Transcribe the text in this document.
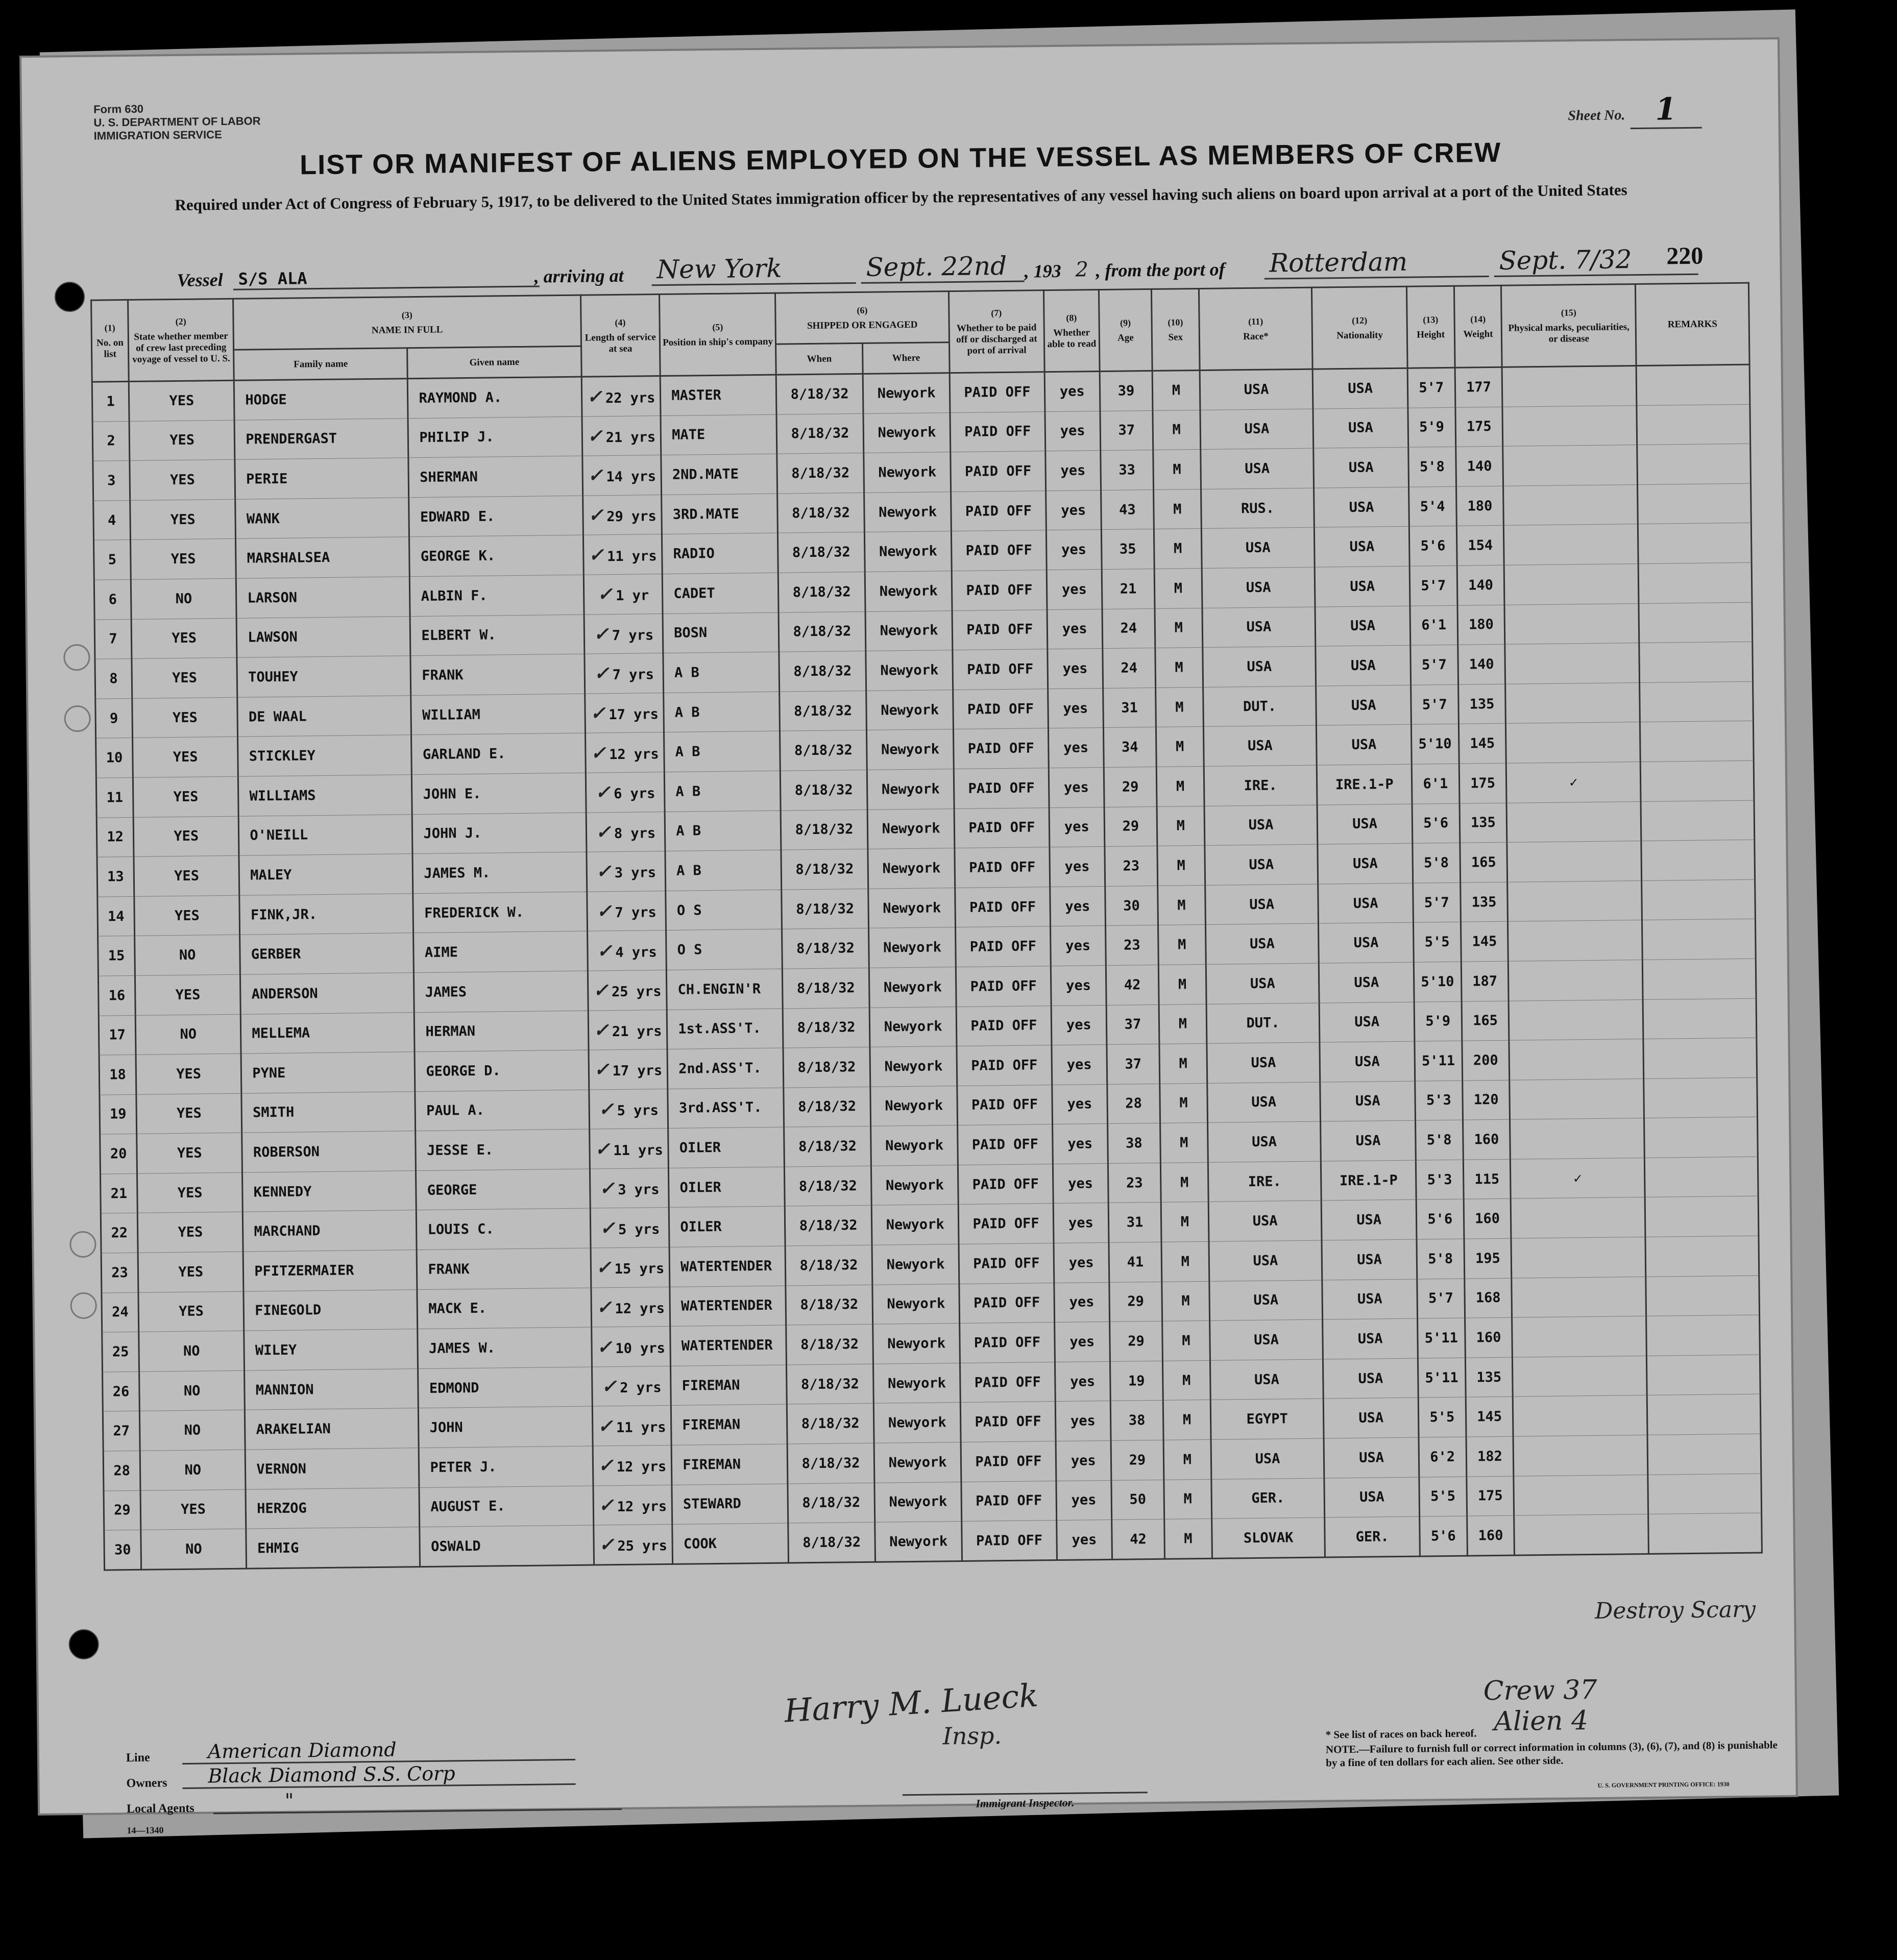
Form 630
U. S. DEPARTMENT OF LABOR
IMMIGRATION SERVICE
Sheet No. 1
LIST OR MANIFEST OF ALIENS EMPLOYED ON THE VESSEL AS MEMBERS OF CREW
Required under Act of Congress of February 5, 1917, to be delivered to the United States immigration officer by the representatives of any vessel having such aliens on board upon arrival at a port of the United States
Vessel S/S ALA	, arriving at New York	Sept. 22nd , 193 2 , from the port of Rotterdam	Sept. 7/32	220
(1)
No. on list	(2)
State whether member of crew last preceding voyage of vessel to U. S.	(3)
NAME IN FULL		(4)
Length of service at sea	(5)
Position in ship's company	(6)
SHIPPED OR ENGAGED		(7)
Whether to be paid off or discharged at port of arrival	(8)
Whether able to read	(9)
Age	(10)
Sex	(11)
Race*	(12)
Nationality	(13)
Height	(14)
Weight	(15)
Physical marks, peculiarities, or disease	REMARKS
		Family name	Given name			When	Where										
1	YES	HODGE	RAYMOND A.	✓ 22 yrs	MASTER	8/18/32	Newyork	PAID OFF	yes	39	M	USA	USA	5'7	177		
2	YES	PRENDERGAST	PHILIP J.	✓ 21 yrs	MATE	8/18/32	Newyork	PAID OFF	yes	37	M	USA	USA	5'9	175		
3	YES	PERIE	SHERMAN	✓ 14 yrs	2ND.MATE	8/18/32	Newyork	PAID OFF	yes	33	M	USA	USA	5'8	140		
4	YES	WANK	EDWARD E.	✓ 29 yrs	3RD.MATE	8/18/32	Newyork	PAID OFF	yes	43	M	RUS.	USA	5'4	180		
5	YES	MARSHALSEA	GEORGE K.	✓ 11 yrs	RADIO	8/18/32	Newyork	PAID OFF	yes	35	M	USA	USA	5'6	154		
6	NO	LARSON	ALBIN F.	✓ 1 yr	CADET	8/18/32	Newyork	PAID OFF	yes	21	M	USA	USA	5'7	140		
7	YES	LAWSON	ELBERT W.	✓ 7 yrs	BOSN	8/18/32	Newyork	PAID OFF	yes	24	M	USA	USA	6'1	180		
8	YES	TOUHEY	FRANK	✓ 7 yrs	A B	8/18/32	Newyork	PAID OFF	yes	24	M	USA	USA	5'7	140		
9	YES	DE WAAL	WILLIAM	✓ 17 yrs	A B	8/18/32	Newyork	PAID OFF	yes	31	M	DUT.	USA	5'7	135		
10	YES	STICKLEY	GARLAND E.	✓ 12 yrs	A B	8/18/32	Newyork	PAID OFF	yes	34	M	USA	USA	5'10	145		
11	YES	WILLIAMS	JOHN E.	✓ 6 yrs	A B	8/18/32	Newyork	PAID OFF	yes	29	M	IRE.	IRE.1-P	6'1	175	✓	
12	YES	O'NEILL	JOHN J.	✓ 8 yrs	A B	8/18/32	Newyork	PAID OFF	yes	29	M	USA	USA	5'6	135		
13	YES	MALEY	JAMES M.	✓ 3 yrs	A B	8/18/32	Newyork	PAID OFF	yes	23	M	USA	USA	5'8	165		
14	YES	FINK,JR.	FREDERICK W.	✓ 7 yrs	O S	8/18/32	Newyork	PAID OFF	yes	30	M	USA	USA	5'7	135		
15	NO	GERBER	AIME	✓ 4 yrs	O S	8/18/32	Newyork	PAID OFF	yes	23	M	USA	USA	5'5	145		
16	YES	ANDERSON	JAMES	✓ 25 yrs	CH.ENGIN'R	8/18/32	Newyork	PAID OFF	yes	42	M	USA	USA	5'10	187		
17	NO	MELLEMA	HERMAN	✓ 21 yrs	1st.ASS'T.	8/18/32	Newyork	PAID OFF	yes	37	M	DUT.	USA	5'9	165		
18	YES	PYNE	GEORGE D.	✓ 17 yrs	2nd.ASS'T.	8/18/32	Newyork	PAID OFF	yes	37	M	USA	USA	5'11	200		
19	YES	SMITH	PAUL A.	✓ 5 yrs	3rd.ASS'T.	8/18/32	Newyork	PAID OFF	yes	28	M	USA	USA	5'3	120		
20	YES	ROBERSON	JESSE E.	✓ 11 yrs	OILER	8/18/32	Newyork	PAID OFF	yes	38	M	USA	USA	5'8	160		
21	YES	KENNEDY	GEORGE	✓ 3 yrs	OILER	8/18/32	Newyork	PAID OFF	yes	23	M	IRE.	IRE.1-P	5'3	115	✓	
22	YES	MARCHAND	LOUIS C.	✓ 5 yrs	OILER	8/18/32	Newyork	PAID OFF	yes	31	M	USA	USA	5'6	160		
23	YES	PFITZERMAIER	FRANK	✓ 15 yrs	WATERTENDER	8/18/32	Newyork	PAID OFF	yes	41	M	USA	USA	5'8	195		
24	YES	FINEGOLD	MACK E.	✓ 12 yrs	WATERTENDER	8/18/32	Newyork	PAID OFF	yes	29	M	USA	USA	5'7	168		
25	NO	WILEY	JAMES W.	✓ 10 yrs	WATERTENDER	8/18/32	Newyork	PAID OFF	yes	29	M	USA	USA	5'11	160		
26	NO	MANNION	EDMOND	✓ 2 yrs	FIREMAN	8/18/32	Newyork	PAID OFF	yes	19	M	USA	USA	5'11	135		
27	NO	ARAKELIAN	JOHN	✓ 11 yrs	FIREMAN	8/18/32	Newyork	PAID OFF	yes	38	M	EGYPT	USA	5'5	145		
28	NO	VERNON	PETER J.	✓ 12 yrs	FIREMAN	8/18/32	Newyork	PAID OFF	yes	29	M	USA	USA	6'2	182		
29	YES	HERZOG	AUGUST E.	✓ 12 yrs	STEWARD	8/18/32	Newyork	PAID OFF	yes	50	M	GER.	USA	5'5	175		
30	NO	EHMIG	OSWALD	✓ 25 yrs	COOK	8/18/32	Newyork	PAID OFF	yes	42	M	SLOVAK	GER.	5'6	160		
Harry M. Lueck
Insp.
Crew 37
Alien 4
Destroy Scary
Line	American Diamond
Owners	Black Diamond S.S. Corp
Local Agents	"
14—1340
Immigrant Inspector.
* See list of races on back hereof.
NOTE.—Failure to furnish full or correct information in columns (3), (6), (7), and (8) is punishable by a fine of ten dollars for each alien. See other side.
U. S. GOVERNMENT PRINTING OFFICE: 1930
